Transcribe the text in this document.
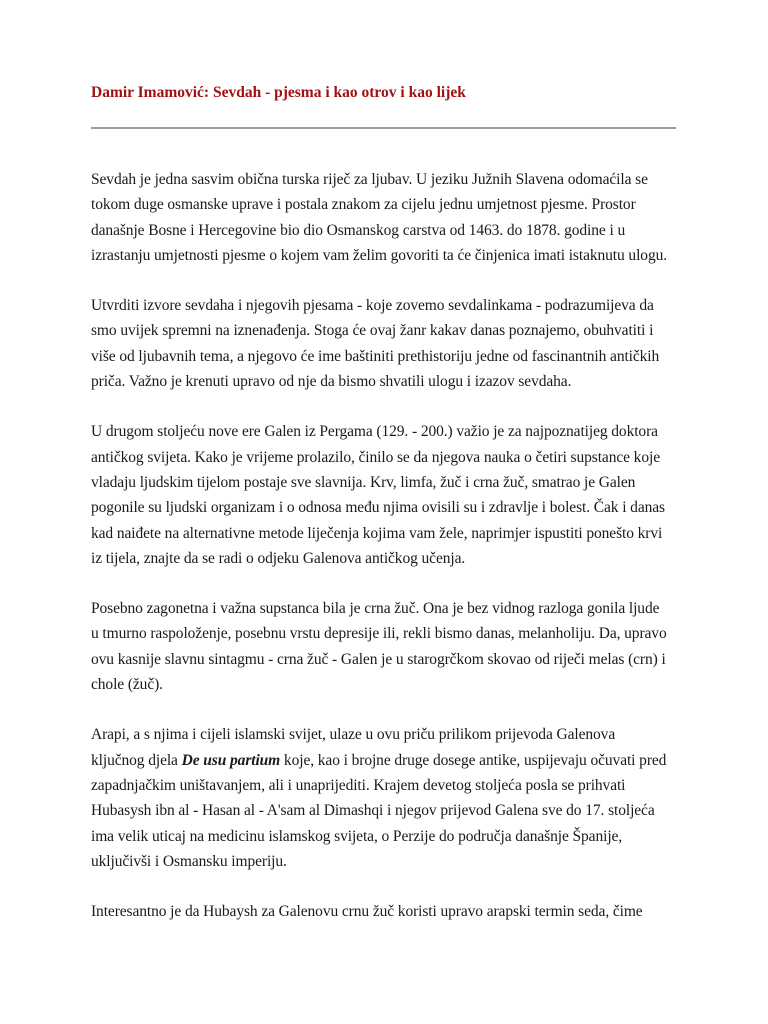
Damir Imamović: Sevdah - pjesma i kao otrov i kao lijek

Sevdah je jedna sasvim obična turska riječ za ljubav. U jeziku Južnih Slavena odomaćila se
tokom duge osmanske uprave i postala znakom za cijelu jednu umjetnost pjesme. Prostor
današnje Bosne i Hercegovine bio dio Osmanskog carstva od 1463. do 1878. godine i u
izrastanju umjetnosti pjesme o kojem vam želim govoriti ta će činjenica imati istaknutu ulogu.

Utvrditi izvore sevdaha i njegovih pjesama - koje zovemo sevdalinkama - podrazumijeva da
smo uvijek spremni na iznenađenja. Stoga će ovaj žanr kakav danas poznajemo, obuhvatiti i
više od ljubavnih tema, a njegovo će ime baštiniti prethistoriju jedne od fascinantnih antičkih
priča. Važno je krenuti upravo od nje da bismo shvatili ulogu i izazov sevdaha.

U drugom stoljeću nove ere Galen iz Pergama (129. - 200.) važio je za najpoznatijeg doktora
antičkog svijeta. Kako je vrijeme prolazilo, činilo se da njegova nauka o četiri supstance koje
vladaju ljudskim tijelom postaje sve slavnija. Krv, limfa, žuč i crna žuč, smatrao je Galen
pogonile su ljudski organizam i o odnosa među njima ovisili su i zdravlje i bolest. Čak i danas
kad naiđete na alternativne metode liječenja kojima vam žele, naprimjer ispustiti ponešto krvi
iz tijela, znajte da se radi o odjeku Galenova antičkog učenja.

Posebno zagonetna i važna supstanca bila je crna žuč. Ona je bez vidnog razloga gonila ljude
u tmurno raspoloženje, posebnu vrstu depresije ili, rekli bismo danas, melanholiju. Da, upravo
ovu kasnije slavnu sintagmu - crna žuč - Galen je u starogrčkom skovao od riječi melas (crn) i
chole (žuč).

Arapi, a s njima i cijeli islamski svijet, ulaze u ovu priču prilikom prijevoda Galenova
ključnog djela De usu partium koje, kao i brojne druge dosege antike, uspijevaju očuvati pred
zapadnjačkim uništavanjem, ali i unaprijediti. Krajem devetog stoljeća posla se prihvati
Hubasysh ibn al - Hasan al - A'sam al Dimashqi i njegov prijevod Galena sve do 17. stoljeća
ima velik uticaj na medicinu islamskog svijeta, o Perzije do područja današnje Španije,
uključivši i Osmansku imperiju.

Interesantno je da Hubaysh za Galenovu crnu žuč koristi upravo arapski termin seda, čime
